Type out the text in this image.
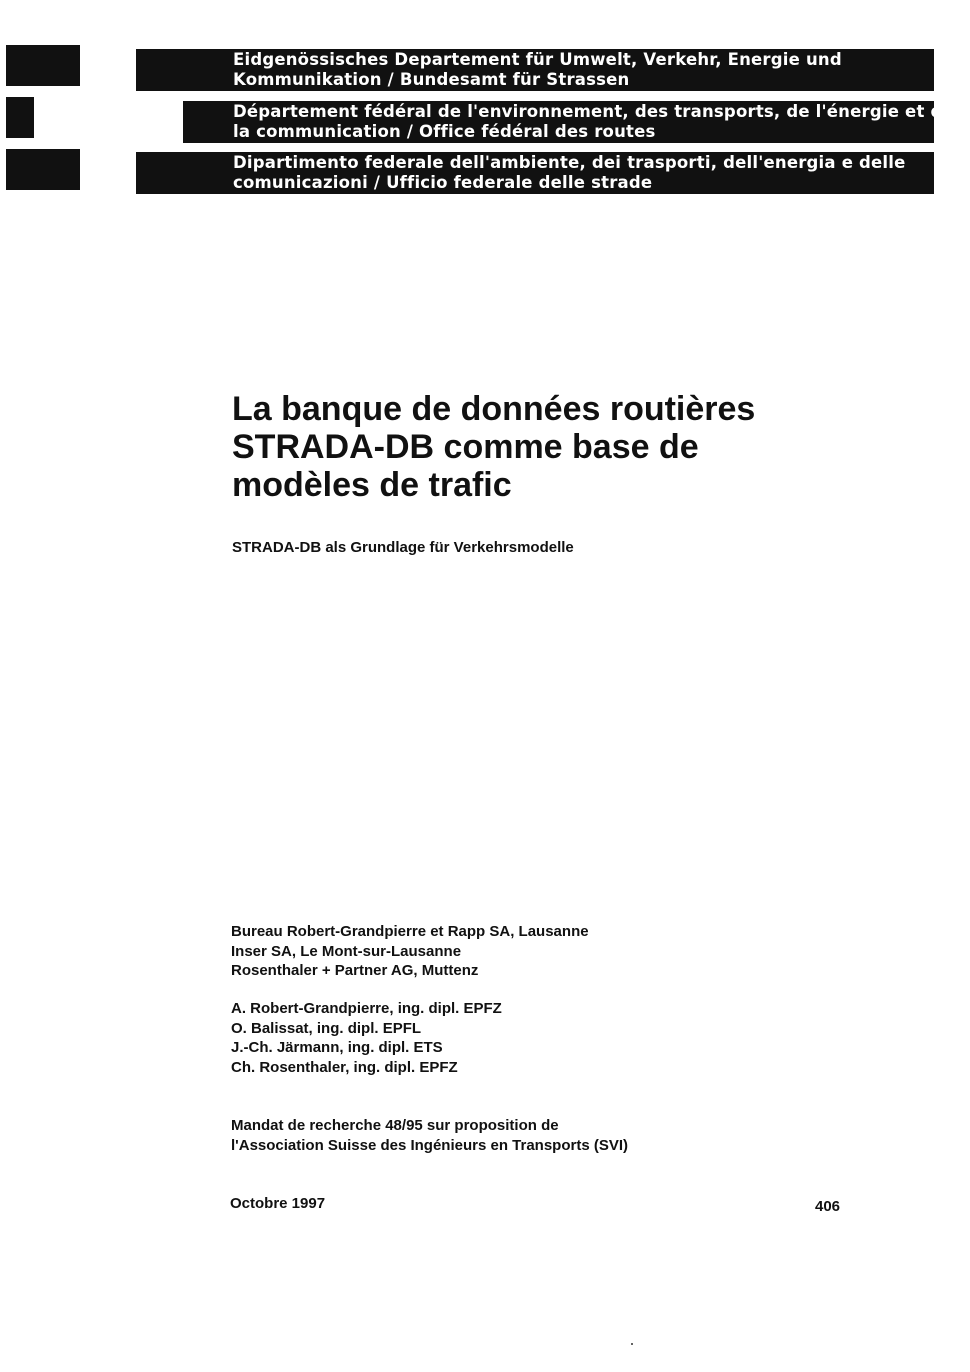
Eidgenössisches Departement für Umwelt, Verkehr, Energie und
Kommunikation / Bundesamt für Strassen
Département fédéral de l'environnement, des transports, de l'énergie et de
la communication / Office fédéral des routes
Dipartimento federale dell'ambiente, dei trasporti, dell'energia e delle
comunicazioni / Ufficio federale delle strade
La banque de données routières
STRADA-DB comme base de
modèles de trafic
STRADA-DB als Grundlage für Verkehrsmodelle
Bureau Robert-Grandpierre et Rapp SA, Lausanne
Inser SA, Le Mont-sur-Lausanne
Rosenthaler + Partner AG, Muttenz
A. Robert-Grandpierre, ing. dipl. EPFZ
O. Balissat, ing. dipl. EPFL
J.-Ch. Järmann, ing. dipl. ETS
Ch. Rosenthaler, ing. dipl. EPFZ
Mandat de recherche 48/95 sur proposition de
l'Association Suisse des Ingénieurs en Transports (SVI)
Octobre 1997	406
